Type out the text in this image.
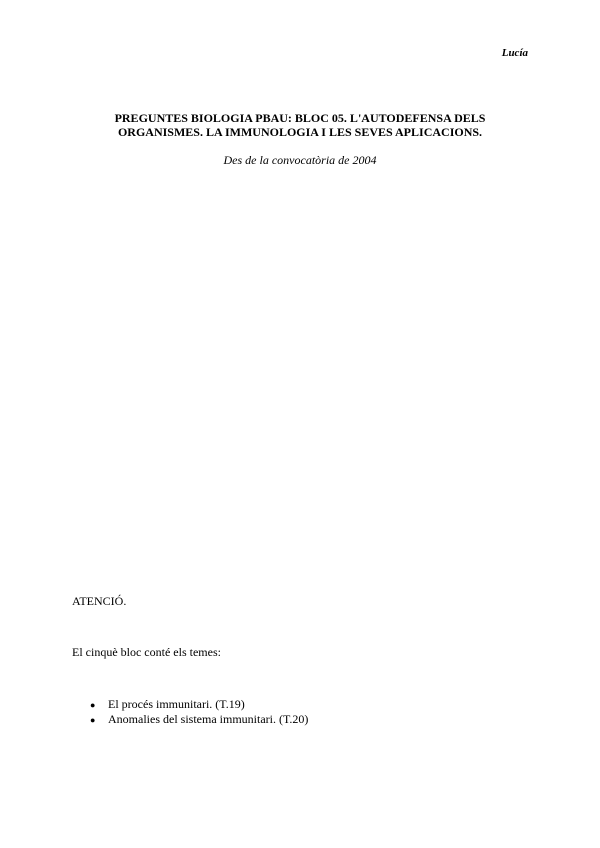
Lucía

PREGUNTES BIOLOGIA PBAU: BLOC 05. L'AUTODEFENSA DELS ORGANISMES. LA IMMUNOLOGIA I LES SEVES APLICACIONS.

Des de la convocatòria de 2004

ATENCIÓ.

El cinquè bloc conté els temes:

●	El procés immunitari. (T.19)
●	Anomalies del sistema immunitari. (T.20)
